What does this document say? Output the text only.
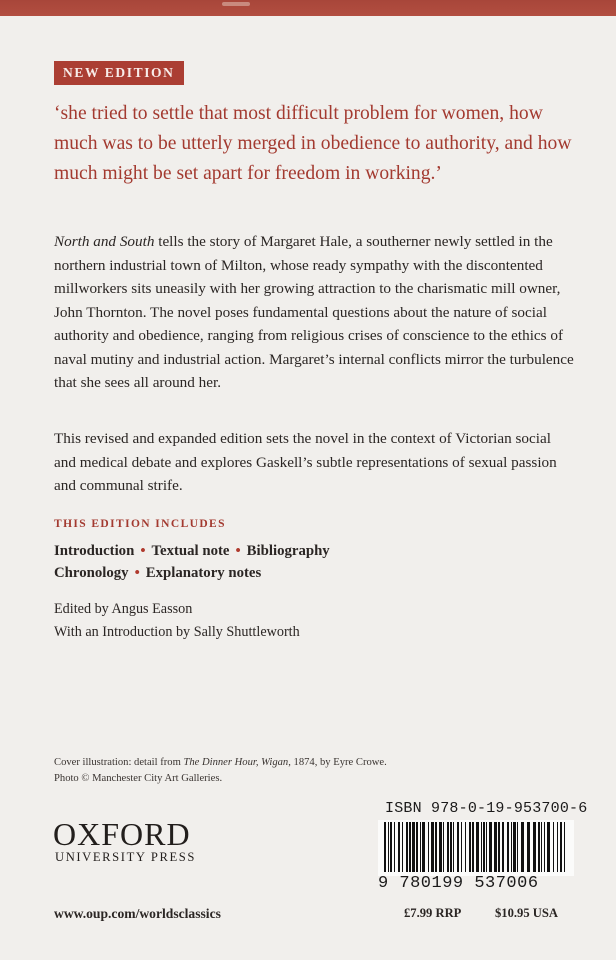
NEW EDITION
‘she tried to settle that most difficult problem for women, how much was to be utterly merged in obedience to authority, and how much might be set apart for freedom in working.’
North and South tells the story of Margaret Hale, a southerner newly settled in the northern industrial town of Milton, whose ready sympathy with the discontented millworkers sits uneasily with her growing attraction to the charismatic mill owner, John Thornton. The novel poses fundamental questions about the nature of social authority and obedience, ranging from religious crises of conscience to the ethics of naval mutiny and industrial action. Margaret’s internal conflicts mirror the turbulence that she sees all around her.
This revised and expanded edition sets the novel in the context of Victorian social and medical debate and explores Gaskell’s subtle representations of sexual passion and communal strife.
THIS EDITION INCLUDES
Introduction • Textual note • Bibliography
Chronology • Explanatory notes
Edited by Angus Easson
With an Introduction by Sally Shuttleworth
Cover illustration: detail from The Dinner Hour, Wigan, 1874, by Eyre Crowe.
Photo © Manchester City Art Galleries.
OXFORD
UNIVERSITY PRESS
www.oup.com/worldsclassics
ISBN 978-0-19-953700-6
9 780199 537006
£7.99 RRP	$10.95 USA
